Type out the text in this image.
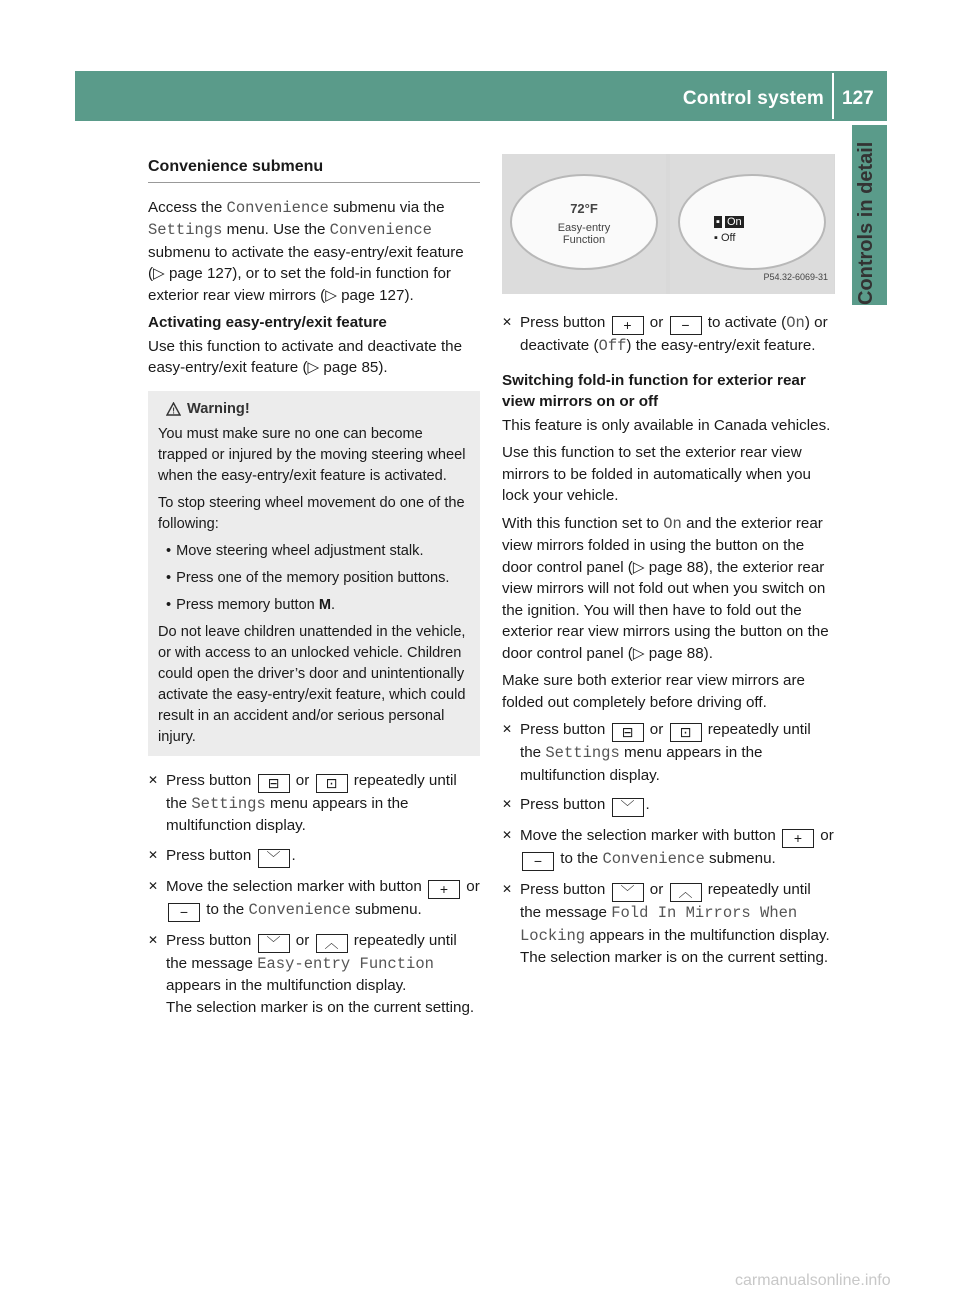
Control system 127
Controls in detail
Convenience submenu

Access the Convenience submenu via the Settings menu. Use the Convenience submenu to activate the easy-entry/exit feature (▷ page 127), or to set the fold-in function for exterior rear view mirrors (▷ page 127).

Activating easy-entry/exit feature

Use this function to activate and deactivate the easy-entry/exit feature (▷ page 85).

! Warning!

You must make sure no one can become trapped or injured by the moving steering wheel when the easy-entry/exit feature is activated.

To stop steering wheel movement do one of the following:

• Move steering wheel adjustment stalk.
• Press one of the memory position buttons.
• Press memory button M.

Do not leave children unattended in the vehicle, or with access to an unlocked vehicle. Children could open the driver’s door and unintentionally activate the easy-entry/exit feature, which could result in an accident and/or serious personal injury.

✕ Press button ⊟ or ⊡ repeatedly until the Settings menu appears in the multifunction display.
✕ Press button ﹀ .
✕ Move the selection marker with button + or − to the Convenience submenu.
✕ Press button ﹀ or ︿ repeatedly until the message Easy-entry Function appears in the multifunction display.
The selection marker is on the current setting.
72°F
Easy-entry
Function
▪ On
▪ Off
P54.32-6069-31
✕ Press button + or − to activate (On) or deactivate (Off) the easy-entry/exit feature.

Switching fold-in function for exterior rear view mirrors on or off

This feature is only available in Canada vehicles.

Use this function to set the exterior rear view mirrors to be folded in automatically when you lock your vehicle.

With this function set to On and the exterior rear view mirrors folded in using the button on the door control panel (▷ page 88), the exterior rear view mirrors will not fold out when you switch on the ignition. You will then have to fold out the exterior rear view mirrors using the button on the door control panel (▷ page 88).

Make sure both exterior rear view mirrors are folded out completely before driving off.

✕ Press button ⊟ or ⊡ repeatedly until the Settings menu appears in the multifunction display.
✕ Press button ﹀ .
✕ Move the selection marker with button + or − to the Convenience submenu.
✕ Press button ﹀ or ︿ repeatedly until the message Fold In Mirrors When Locking appears in the multifunction display.
The selection marker is on the current setting.
carmanualsonline.info
